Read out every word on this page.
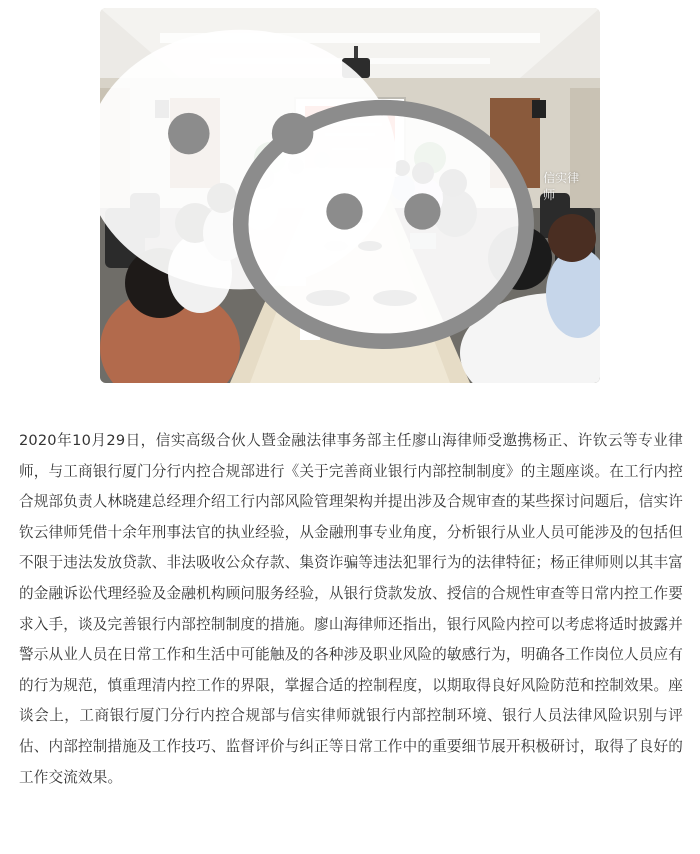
信实律师

2020年10月29日，信实高级合伙人暨金融法律事务部主任廖山海律师受邀携杨正、许钦云等专业律师，与工商银行厦门分行内控合规部进行《关于完善商业银行内部控制制度》的主题座谈。在工行内控合规部负责人林晓建总经理介绍工行内部风险管理架构并提出涉及合规审查的某些探讨问题后，信实许钦云律师凭借十余年刑事法官的执业经验，从金融刑事专业角度，分析银行从业人员可能涉及的包括但不限于违法发放贷款、非法吸收公众存款、集资诈骗等违法犯罪行为的法律特征；杨正律师则以其丰富的金融诉讼代理经验及金融机构顾问服务经验，从银行贷款发放、授信的合规性审查等日常内控工作要求入手，谈及完善银行内部控制制度的措施。廖山海律师还指出，银行风险内控可以考虑将适时披露并警示从业人员在日常工作和生活中可能触及的各种涉及职业风险的敏感行为，明确各工作岗位人员应有的行为规范，慎重理清内控工作的界限，掌握合适的控制程度，以期取得良好风险防范和控制效果。座谈会上，工商银行厦门分行内控合规部与信实律师就银行内部控制环境、银行人员法律风险识别与评估、内部控制措施及工作技巧、监督评价与纠正等日常工作中的重要细节展开积极研讨，取得了良好的工作交流效果。
